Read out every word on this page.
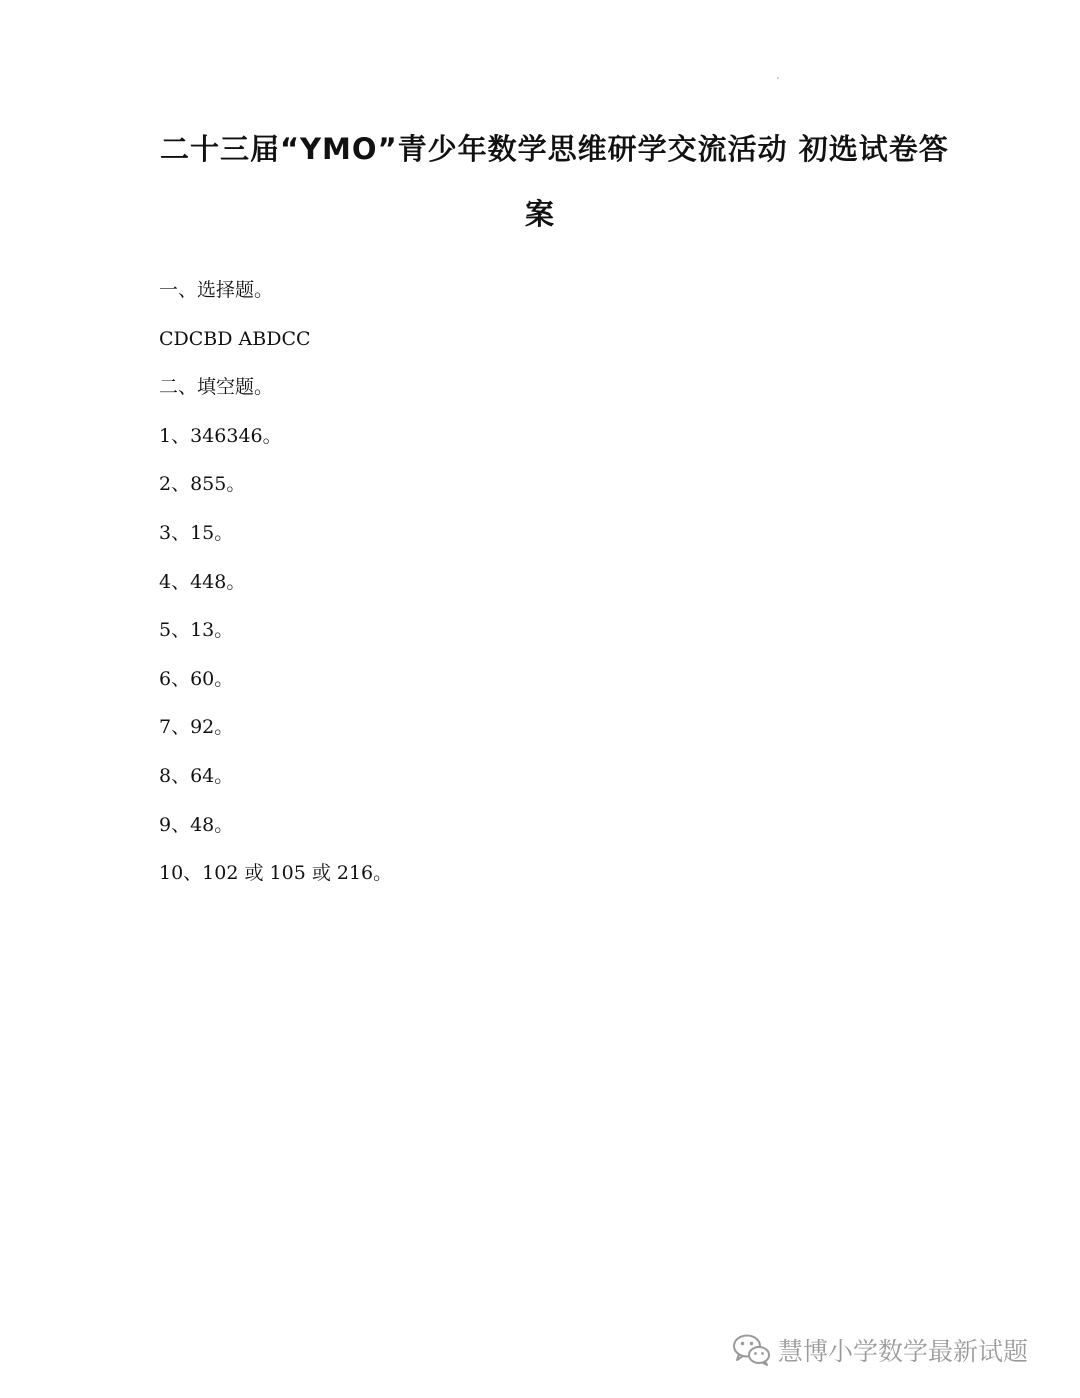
二十三届“YMO”青少年数学思维研学交流活动 初选试卷答
案
一、选择题。
CDCBD ABDCC
二、填空题。
1、346346。
2、855。
3、15。
4、448。
5、13。
6、60。
7、92。
8、64。
9、48。
10、102 或 105 或 216。
慧博小学数学最新试题
